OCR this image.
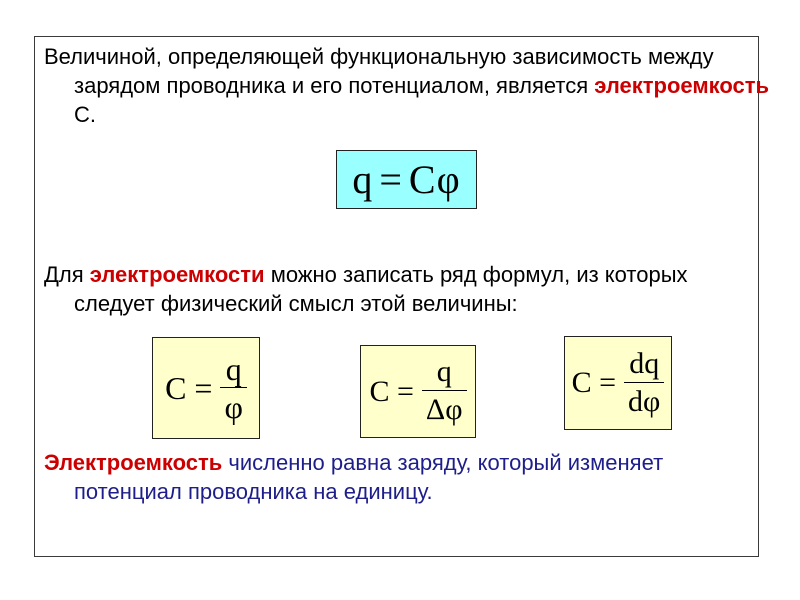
Величиной, определяющей функциональную зависимость между зарядом проводника и его потенциалом, является электроемкость С.

q = Cφ

Для электроемкости можно записать ряд формул, из которых следует физический смысл этой величины:

$C = \frac{q}{\varphi}$	$C = \frac{q}{\Delta\varphi}$	$C = \frac{dq}{d\varphi}$

Электроемкость численно равна заряду, который изменяет потенциал проводника на единицу.
